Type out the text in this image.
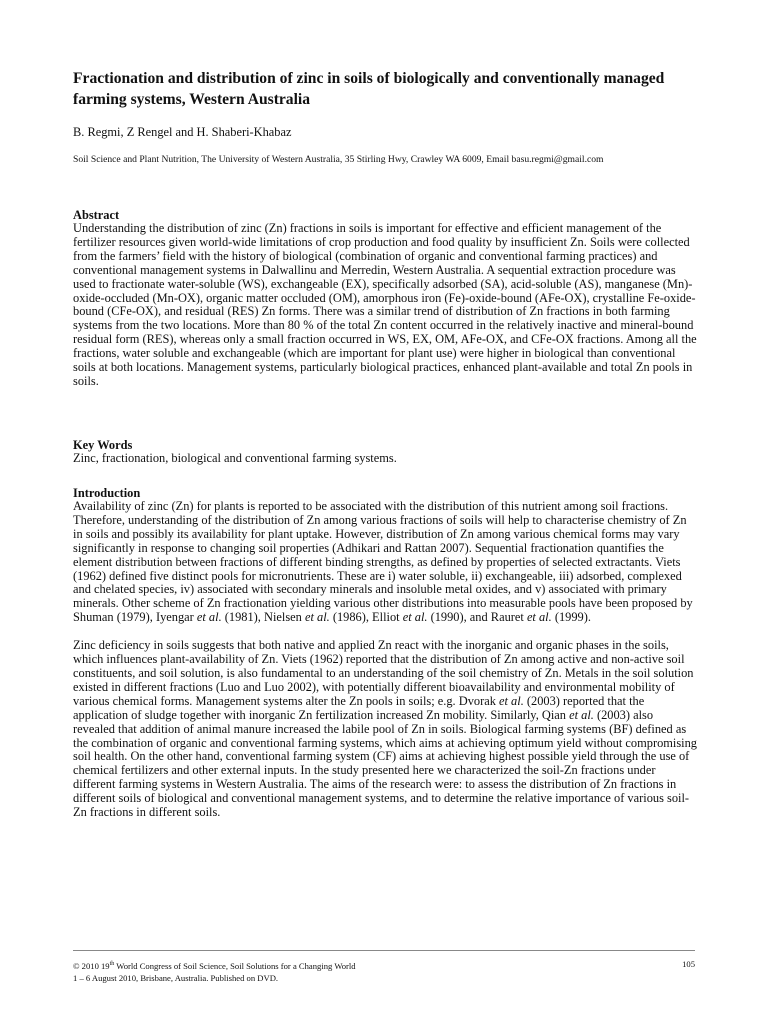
Fractionation and distribution of zinc in soils of biologically and conventionally managed farming systems, Western Australia
B. Regmi, Z Rengel and H. Shaberi-Khabaz
Soil Science and Plant Nutrition, The University of Western Australia, 35 Stirling Hwy, Crawley WA 6009, Email basu.regmi@gmail.com
Abstract

Understanding the distribution of zinc (Zn) fractions in soils is important for effective and efficient management of the fertilizer resources given world-wide limitations of crop production and food quality by insufficient Zn. Soils were collected from the farmers’ field with the history of biological (combination of organic and conventional farming practices) and conventional management systems in Dalwallinu and Merredin, Western Australia. A sequential extraction procedure was used to fractionate water-soluble (WS), exchangeable (EX), specifically adsorbed (SA), acid-soluble (AS), manganese (Mn)-oxide-occluded (Mn-OX), organic matter occluded (OM), amorphous iron (Fe)-oxide-bound (AFe-OX), crystalline Fe-oxide-bound (CFe-OX), and residual (RES) Zn forms. There was a similar trend of distribution of Zn fractions in both farming systems from the two locations. More than 80 % of the total Zn content occurred in the relatively inactive and mineral-bound residual form (RES), whereas only a small fraction occurred in WS, EX, OM, AFe-OX, and CFe-OX fractions. Among all the fractions, water soluble and exchangeable (which are important for plant use) were higher in biological than conventional soils at both locations. Management systems, particularly biological practices, enhanced plant-available and total Zn pools in soils.

Key Words

Zinc, fractionation, biological and conventional farming systems.

Introduction

Availability of zinc (Zn) for plants is reported to be associated with the distribution of this nutrient among soil fractions. Therefore, understanding of the distribution of Zn among various fractions of soils will help to characterise chemistry of Zn in soils and possibly its availability for plant uptake. However, distribution of Zn among various chemical forms may vary significantly in response to changing soil properties (Adhikari and Rattan 2007). Sequential fractionation quantifies the element distribution between fractions of different binding strengths, as defined by properties of selected extractants. Viets (1962) defined five distinct pools for micronutrients. These are i) water soluble, ii) exchangeable, iii) adsorbed, complexed and chelated species, iv) associated with secondary minerals and insoluble metal oxides, and v) associated with primary minerals. Other scheme of Zn fractionation yielding various other distributions into measurable pools have been proposed by Shuman (1979), Iyengar et al. (1981), Nielsen et al. (1986), Elliot et al. (1990), and Rauret et al. (1999).

Zinc deficiency in soils suggests that both native and applied Zn react with the inorganic and organic phases in the soils, which influences plant-availability of Zn. Viets (1962) reported that the distribution of Zn among active and non-active soil constituents, and soil solution, is also fundamental to an understanding of the soil chemistry of Zn. Metals in the soil solution existed in different fractions (Luo and Luo 2002), with potentially different bioavailability and environmental mobility of various chemical forms. Management systems alter the Zn pools in soils; e.g. Dvorak et al. (2003) reported that the application of sludge together with inorganic Zn fertilization increased Zn mobility. Similarly, Qian et al. (2003) also revealed that addition of animal manure increased the labile pool of Zn in soils. Biological farming systems (BF) defined as the combination of organic and conventional farming systems, which aims at achieving optimum yield without compromising soil health. On the other hand, conventional farming system (CF) aims at achieving highest possible yield through the use of chemical fertilizers and other external inputs. In the study presented here we characterized the soil-Zn fractions under different farming systems in Western Australia. The aims of the research were: to assess the distribution of Zn fractions in different soils of biological and conventional management systems, and to determine the relative importance of various soil-Zn fractions in different soils.

© 2010 19th World Congress of Soil Science, Soil Solutions for a Changing World
1 – 6 August 2010, Brisbane, Australia. Published on DVD.
105
